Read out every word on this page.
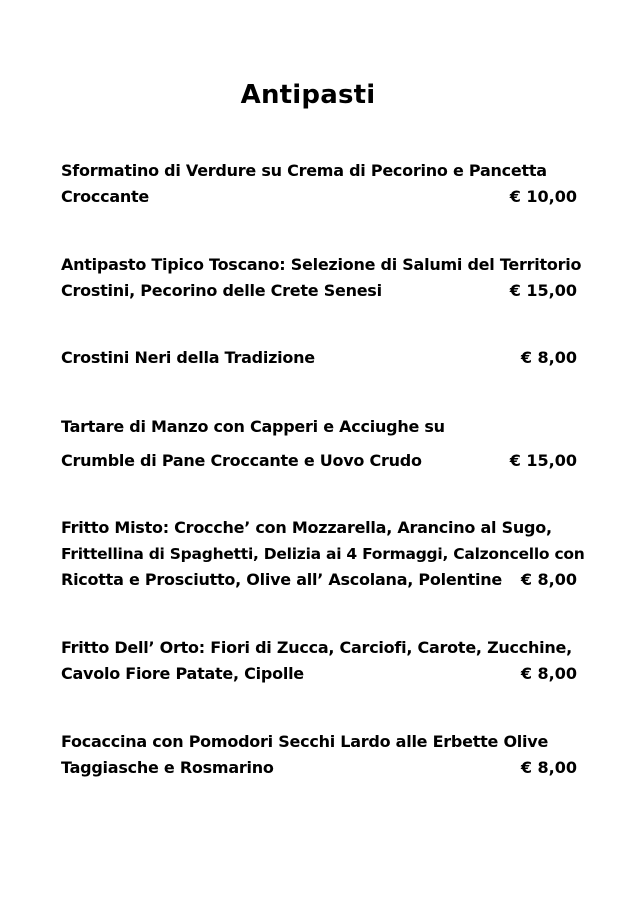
Antipasti
Sformatino di Verdure su Crema di Pecorino e Pancetta
Croccante	€ 10,00
Antipasto Tipico Toscano: Selezione di Salumi del Territorio
Crostini, Pecorino delle Crete Senesi	€ 15,00
Crostini Neri della Tradizione	€ 8,00
Tartare di Manzo con Capperi e Acciughe su
Crumble di Pane Croccante e Uovo Crudo	€ 15,00
Fritto Misto: Crocche’ con Mozzarella, Arancino al Sugo,
Frittellina di Spaghetti, Delizia ai 4 Formaggi, Calzoncello con
Ricotta e Prosciutto, Olive all’ Ascolana, Polentine € 8,00
Fritto Dell’ Orto: Fiori di Zucca, Carciofi, Carote, Zucchine,
Cavolo Fiore Patate, Cipolle	€ 8,00
Focaccina con Pomodori Secchi Lardo alle Erbette Olive
Taggiasche e Rosmarino	€ 8,00
